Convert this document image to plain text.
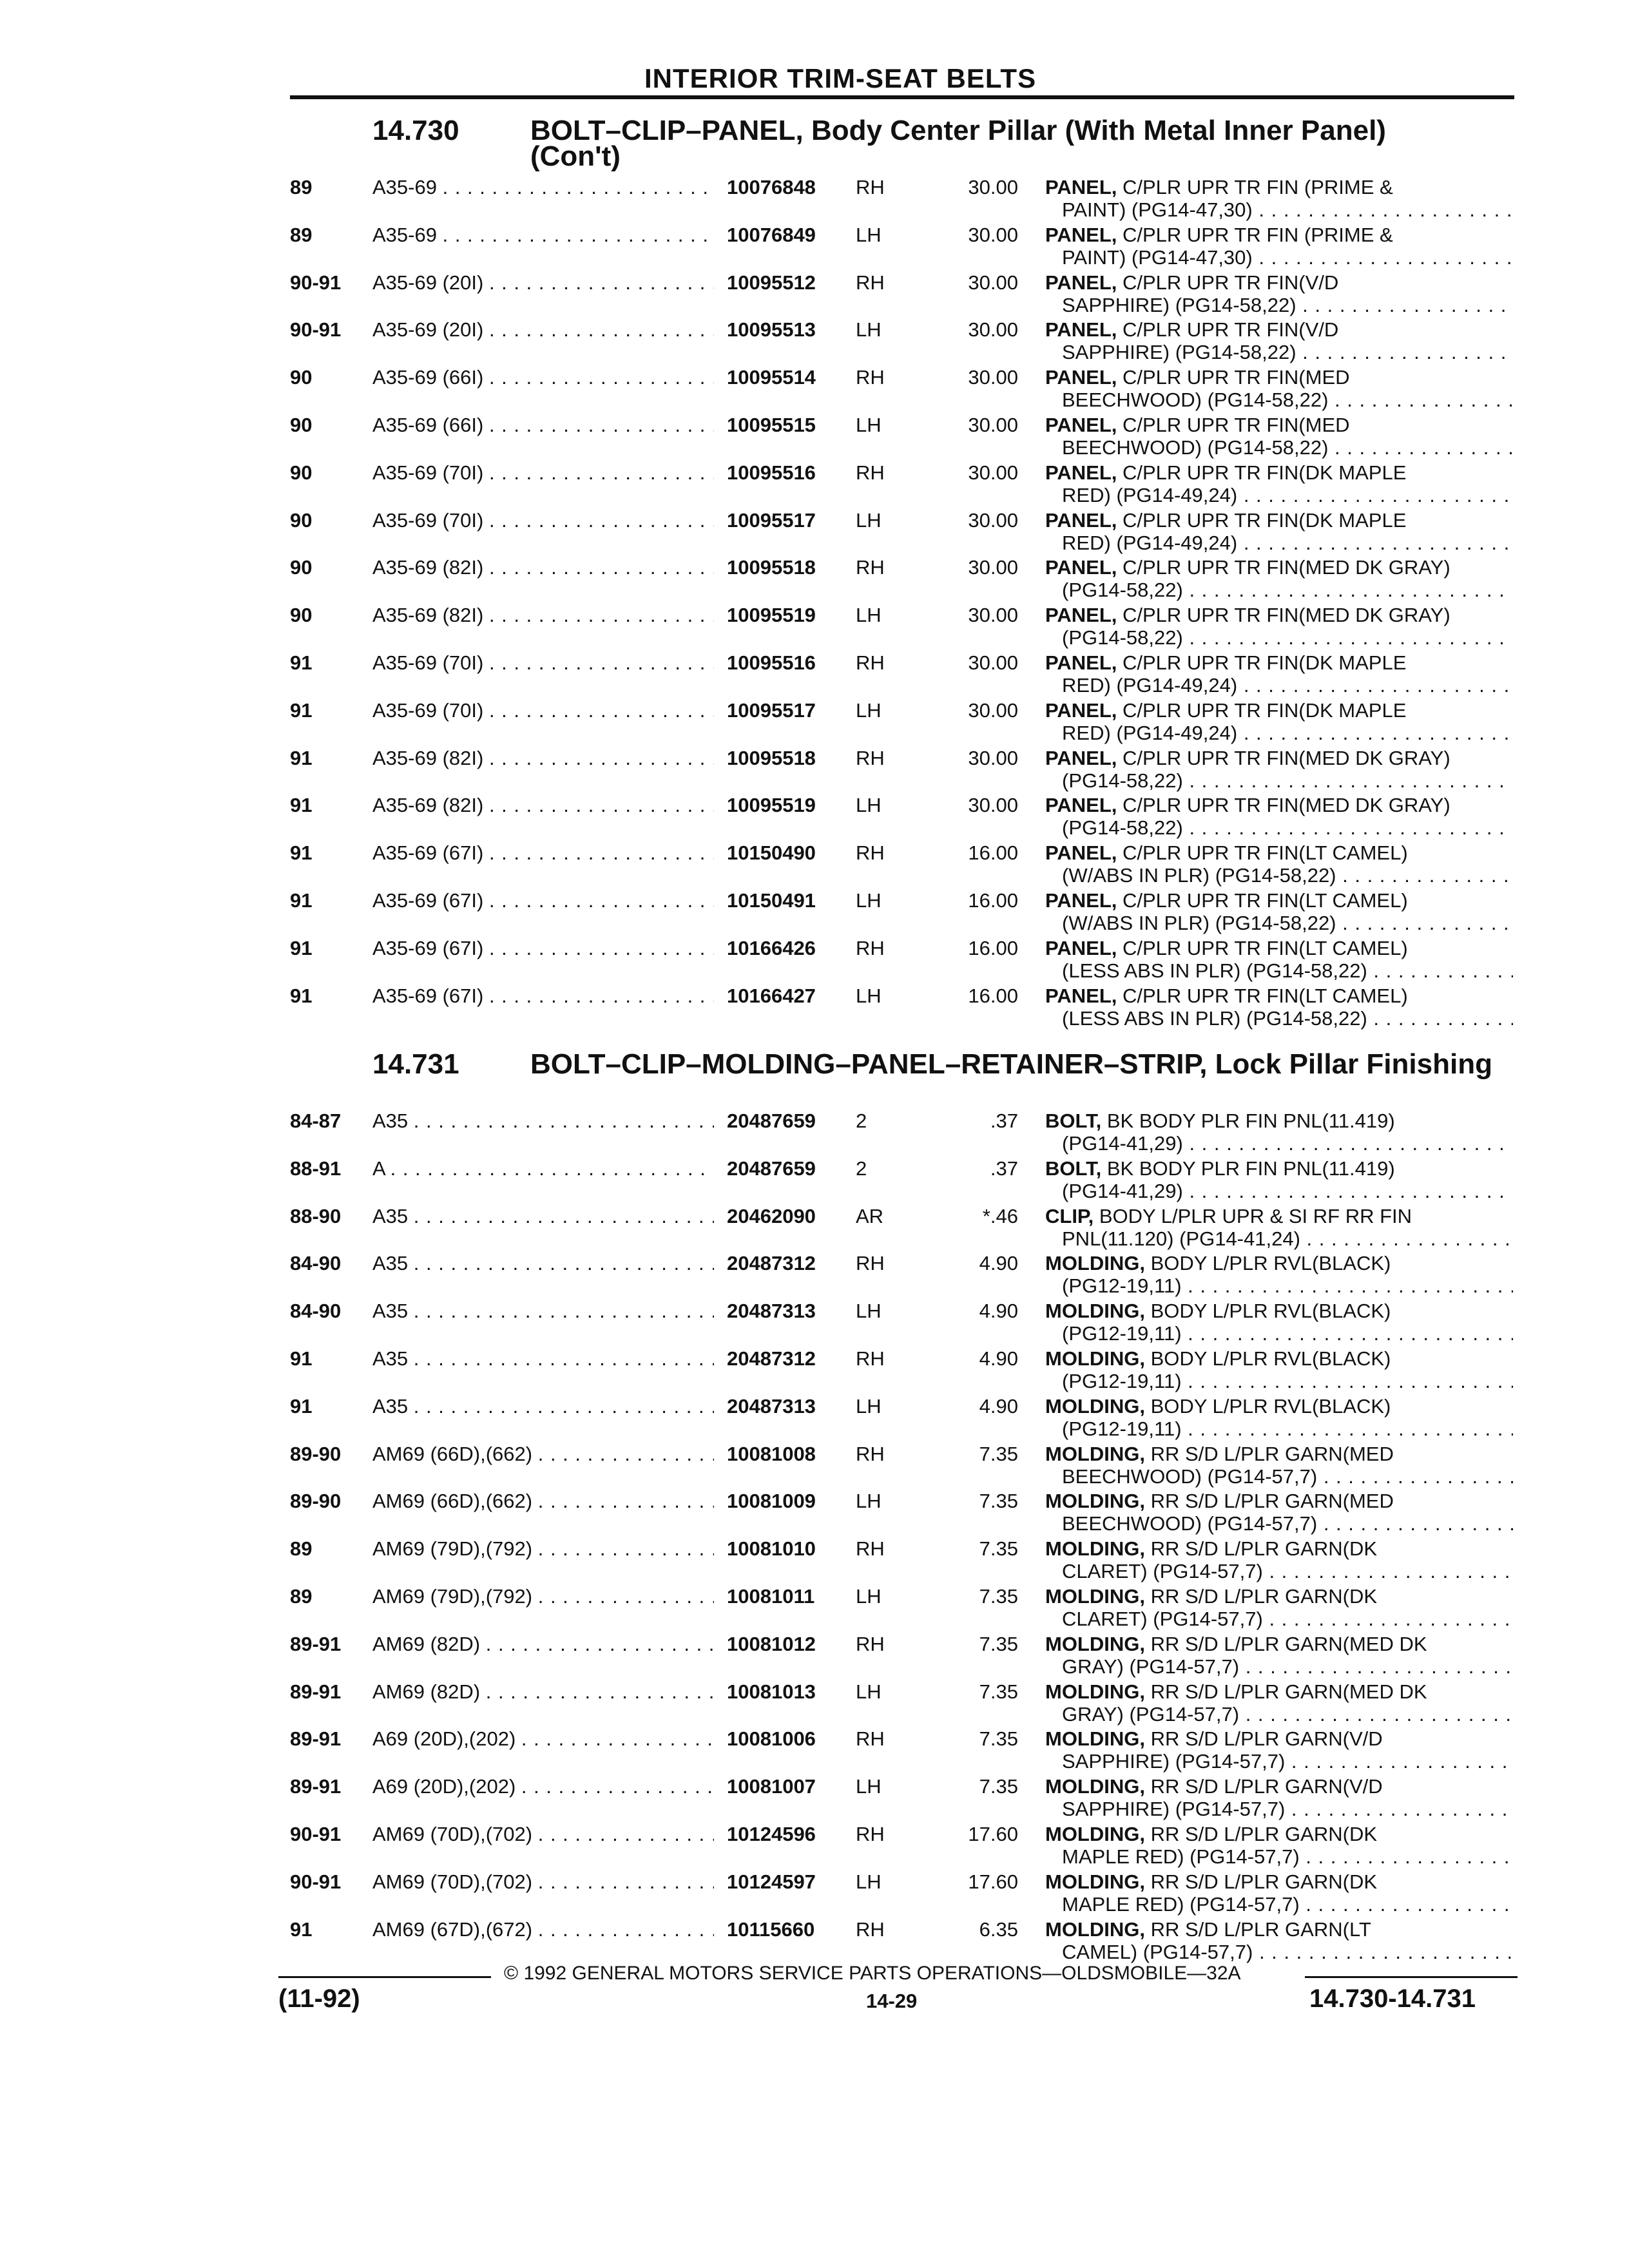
INTERIOR TRIM-SEAT BELTS
14.730	BOLT–CLIP–PANEL, Body Center Pillar (With Metal Inner Panel)
(Con't)
89	A35-69 . . .	10076848 RH	30.00 PANEL, C/PLR UPR TR FIN (PRIME &
PAINT) (PG14-47,30) . . .
89	A35-69 . . .	10076849 LH	30.00 PANEL, C/PLR UPR TR FIN (PRIME &
PAINT) (PG14-47,30) . . .
90-91 A35-69 (20I) . . .	10095512 RH	30.00 PANEL, C/PLR UPR TR FIN(V/D
SAPPHIRE) (PG14-58,22) . . .
90-91 A35-69 (20I) . . .	10095513 LH	30.00 PANEL, C/PLR UPR TR FIN(V/D
SAPPHIRE) (PG14-58,22) . . .
90	A35-69 (66I) . . .	10095514 RH	30.00 PANEL, C/PLR UPR TR FIN(MED
BEECHWOOD) (PG14-58,22) . . .
90	A35-69 (66I) . . .	10095515 LH	30.00 PANEL, C/PLR UPR TR FIN(MED
BEECHWOOD) (PG14-58,22) . . .
90	A35-69 (70I) . . .	10095516 RH	30.00 PANEL, C/PLR UPR TR FIN(DK MAPLE
RED) (PG14-49,24) . . .
90	A35-69 (70I) . . .	10095517 LH	30.00 PANEL, C/PLR UPR TR FIN(DK MAPLE
RED) (PG14-49,24) . . .
90	A35-69 (82I) . . .	10095518 RH	30.00 PANEL, C/PLR UPR TR FIN(MED DK GRAY)
(PG14-58,22) . . .
90	A35-69 (82I) . . .	10095519 LH	30.00 PANEL, C/PLR UPR TR FIN(MED DK GRAY)
(PG14-58,22) . . .
91	A35-69 (70I) . . .	10095516 RH	30.00 PANEL, C/PLR UPR TR FIN(DK MAPLE
RED) (PG14-49,24) . . .
91	A35-69 (70I) . . .	10095517 LH	30.00 PANEL, C/PLR UPR TR FIN(DK MAPLE
RED) (PG14-49,24) . . .
91	A35-69 (82I) . . .	10095518 RH	30.00 PANEL, C/PLR UPR TR FIN(MED DK GRAY)
(PG14-58,22) . . .
91	A35-69 (82I) . . .	10095519 LH	30.00 PANEL, C/PLR UPR TR FIN(MED DK GRAY)
(PG14-58,22) . . .
91	A35-69 (67I) . . .	10150490 RH	16.00 PANEL, C/PLR UPR TR FIN(LT CAMEL)
(W/ABS IN PLR) (PG14-58,22) . . .
91	A35-69 (67I) . . .	10150491 LH	16.00 PANEL, C/PLR UPR TR FIN(LT CAMEL)
(W/ABS IN PLR) (PG14-58,22) . . .
91	A35-69 (67I) . . .	10166426 RH	16.00 PANEL, C/PLR UPR TR FIN(LT CAMEL)
(LESS ABS IN PLR) (PG14-58,22) . . .
91	A35-69 (67I) . . .	10166427 LH	16.00 PANEL, C/PLR UPR TR FIN(LT CAMEL)
(LESS ABS IN PLR) (PG14-58,22) . . .
14.731	BOLT–CLIP–MOLDING–PANEL–RETAINER–STRIP, Lock Pillar Finishing
84-87 A35 . . .	20487659 2	.37 BOLT, BK BODY PLR FIN PNL(11.419)
(PG14-41,29) . . .
88-91 A . . .	20487659 2	.37 BOLT, BK BODY PLR FIN PNL(11.419)
(PG14-41,29) . . .
88-90 A35 . . .	20462090 AR	*.46 CLIP, BODY L/PLR UPR & SI RF RR FIN
PNL(11.120) (PG14-41,24) . . .
84-90 A35 . . .	20487312 RH	4.90 MOLDING, BODY L/PLR RVL(BLACK)
(PG12-19,11) . . .
84-90 A35 . . .	20487313 LH	4.90 MOLDING, BODY L/PLR RVL(BLACK)
(PG12-19,11) . . .
91	A35 . . .	20487312 RH	4.90 MOLDING, BODY L/PLR RVL(BLACK)
(PG12-19,11) . . .
91	A35 . . .	20487313 LH	4.90 MOLDING, BODY L/PLR RVL(BLACK)
(PG12-19,11) . . .
89-90 AM69 (66D),(662) . . .	10081008 RH	7.35 MOLDING, RR S/D L/PLR GARN(MED
BEECHWOOD) (PG14-57,7) . . .
89-90 AM69 (66D),(662) . . .	10081009 LH	7.35 MOLDING, RR S/D L/PLR GARN(MED
BEECHWOOD) (PG14-57,7) . . .
89	AM69 (79D),(792) . . .	10081010 RH	7.35 MOLDING, RR S/D L/PLR GARN(DK
CLARET) (PG14-57,7) . . .
89	AM69 (79D),(792) . . .	10081011 LH	7.35 MOLDING, RR S/D L/PLR GARN(DK
CLARET) (PG14-57,7) . . .
89-91 AM69 (82D) . . .	10081012 RH	7.35 MOLDING, RR S/D L/PLR GARN(MED DK
GRAY) (PG14-57,7) . . .
89-91 AM69 (82D) . . .	10081013 LH	7.35 MOLDING, RR S/D L/PLR GARN(MED DK
GRAY) (PG14-57,7) . . .
89-91 A69 (20D),(202) . . .	10081006 RH	7.35 MOLDING, RR S/D L/PLR GARN(V/D
SAPPHIRE) (PG14-57,7) . . .
89-91 A69 (20D),(202) . . .	10081007 LH	7.35 MOLDING, RR S/D L/PLR GARN(V/D
SAPPHIRE) (PG14-57,7) . . .
90-91 AM69 (70D),(702) . . .	10124596 RH	17.60 MOLDING, RR S/D L/PLR GARN(DK
MAPLE RED) (PG14-57,7) . . .
90-91 AM69 (70D),(702) . . .	10124597 LH	17.60 MOLDING, RR S/D L/PLR GARN(DK
MAPLE RED) (PG14-57,7) . . .
91	AM69 (67D),(672) . . .	10115660 RH	6.35 MOLDING, RR S/D L/PLR GARN(LT
CAMEL) (PG14-57,7) . . .
© 1992 GENERAL MOTORS SERVICE PARTS OPERATIONS—OLDSMOBILE—32A
(11-92)	14-29	14.730-14.731
